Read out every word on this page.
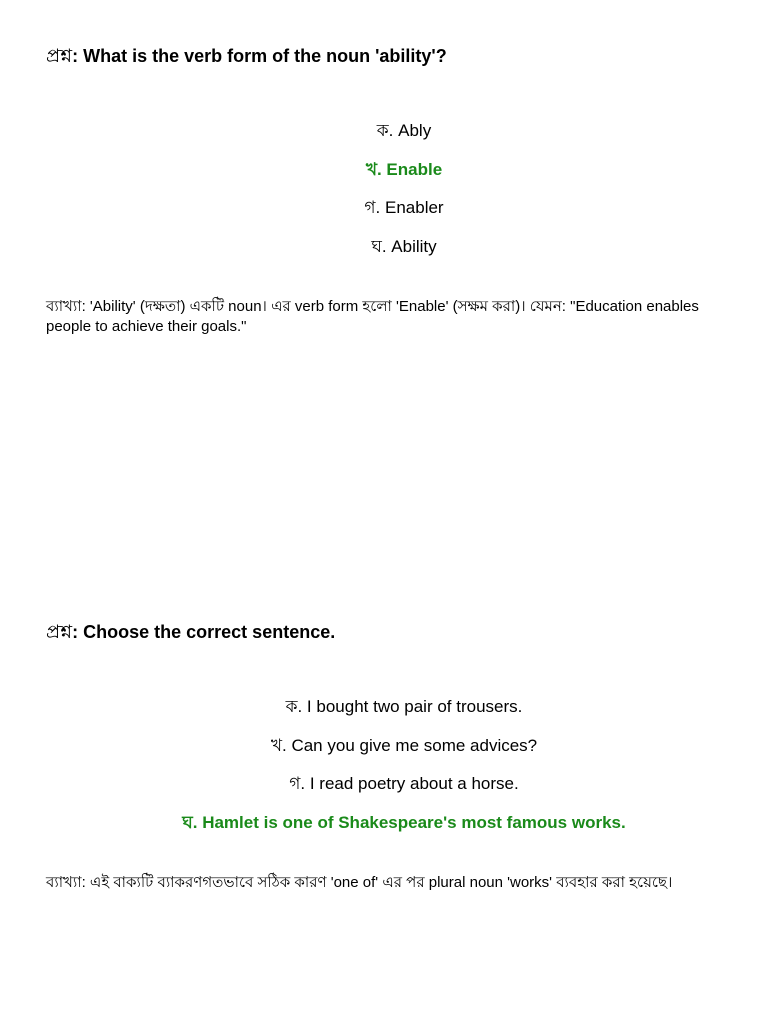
প্রশ্ন: What is the verb form of the noun 'ability'?
ক. Ably
খ. Enable
গ. Enabler
ঘ. Ability
ব্যাখ্যা: 'Ability' (দক্ষতা) একটি noun। এর verb form হলো 'Enable' (সক্ষম করা)। যেমন: "Education enables people to achieve their goals."
প্রশ্ন: Choose the correct sentence.
ক. I bought two pair of trousers.
খ. Can you give me some advices?
গ. I read poetry about a horse.
ঘ. Hamlet is one of Shakespeare's most famous works.
ব্যাখ্যা: এই বাক্যটি ব্যাকরণগতভাবে সঠিক কারণ 'one of' এর পর plural noun 'works' ব্যবহার করা হয়েছে।
